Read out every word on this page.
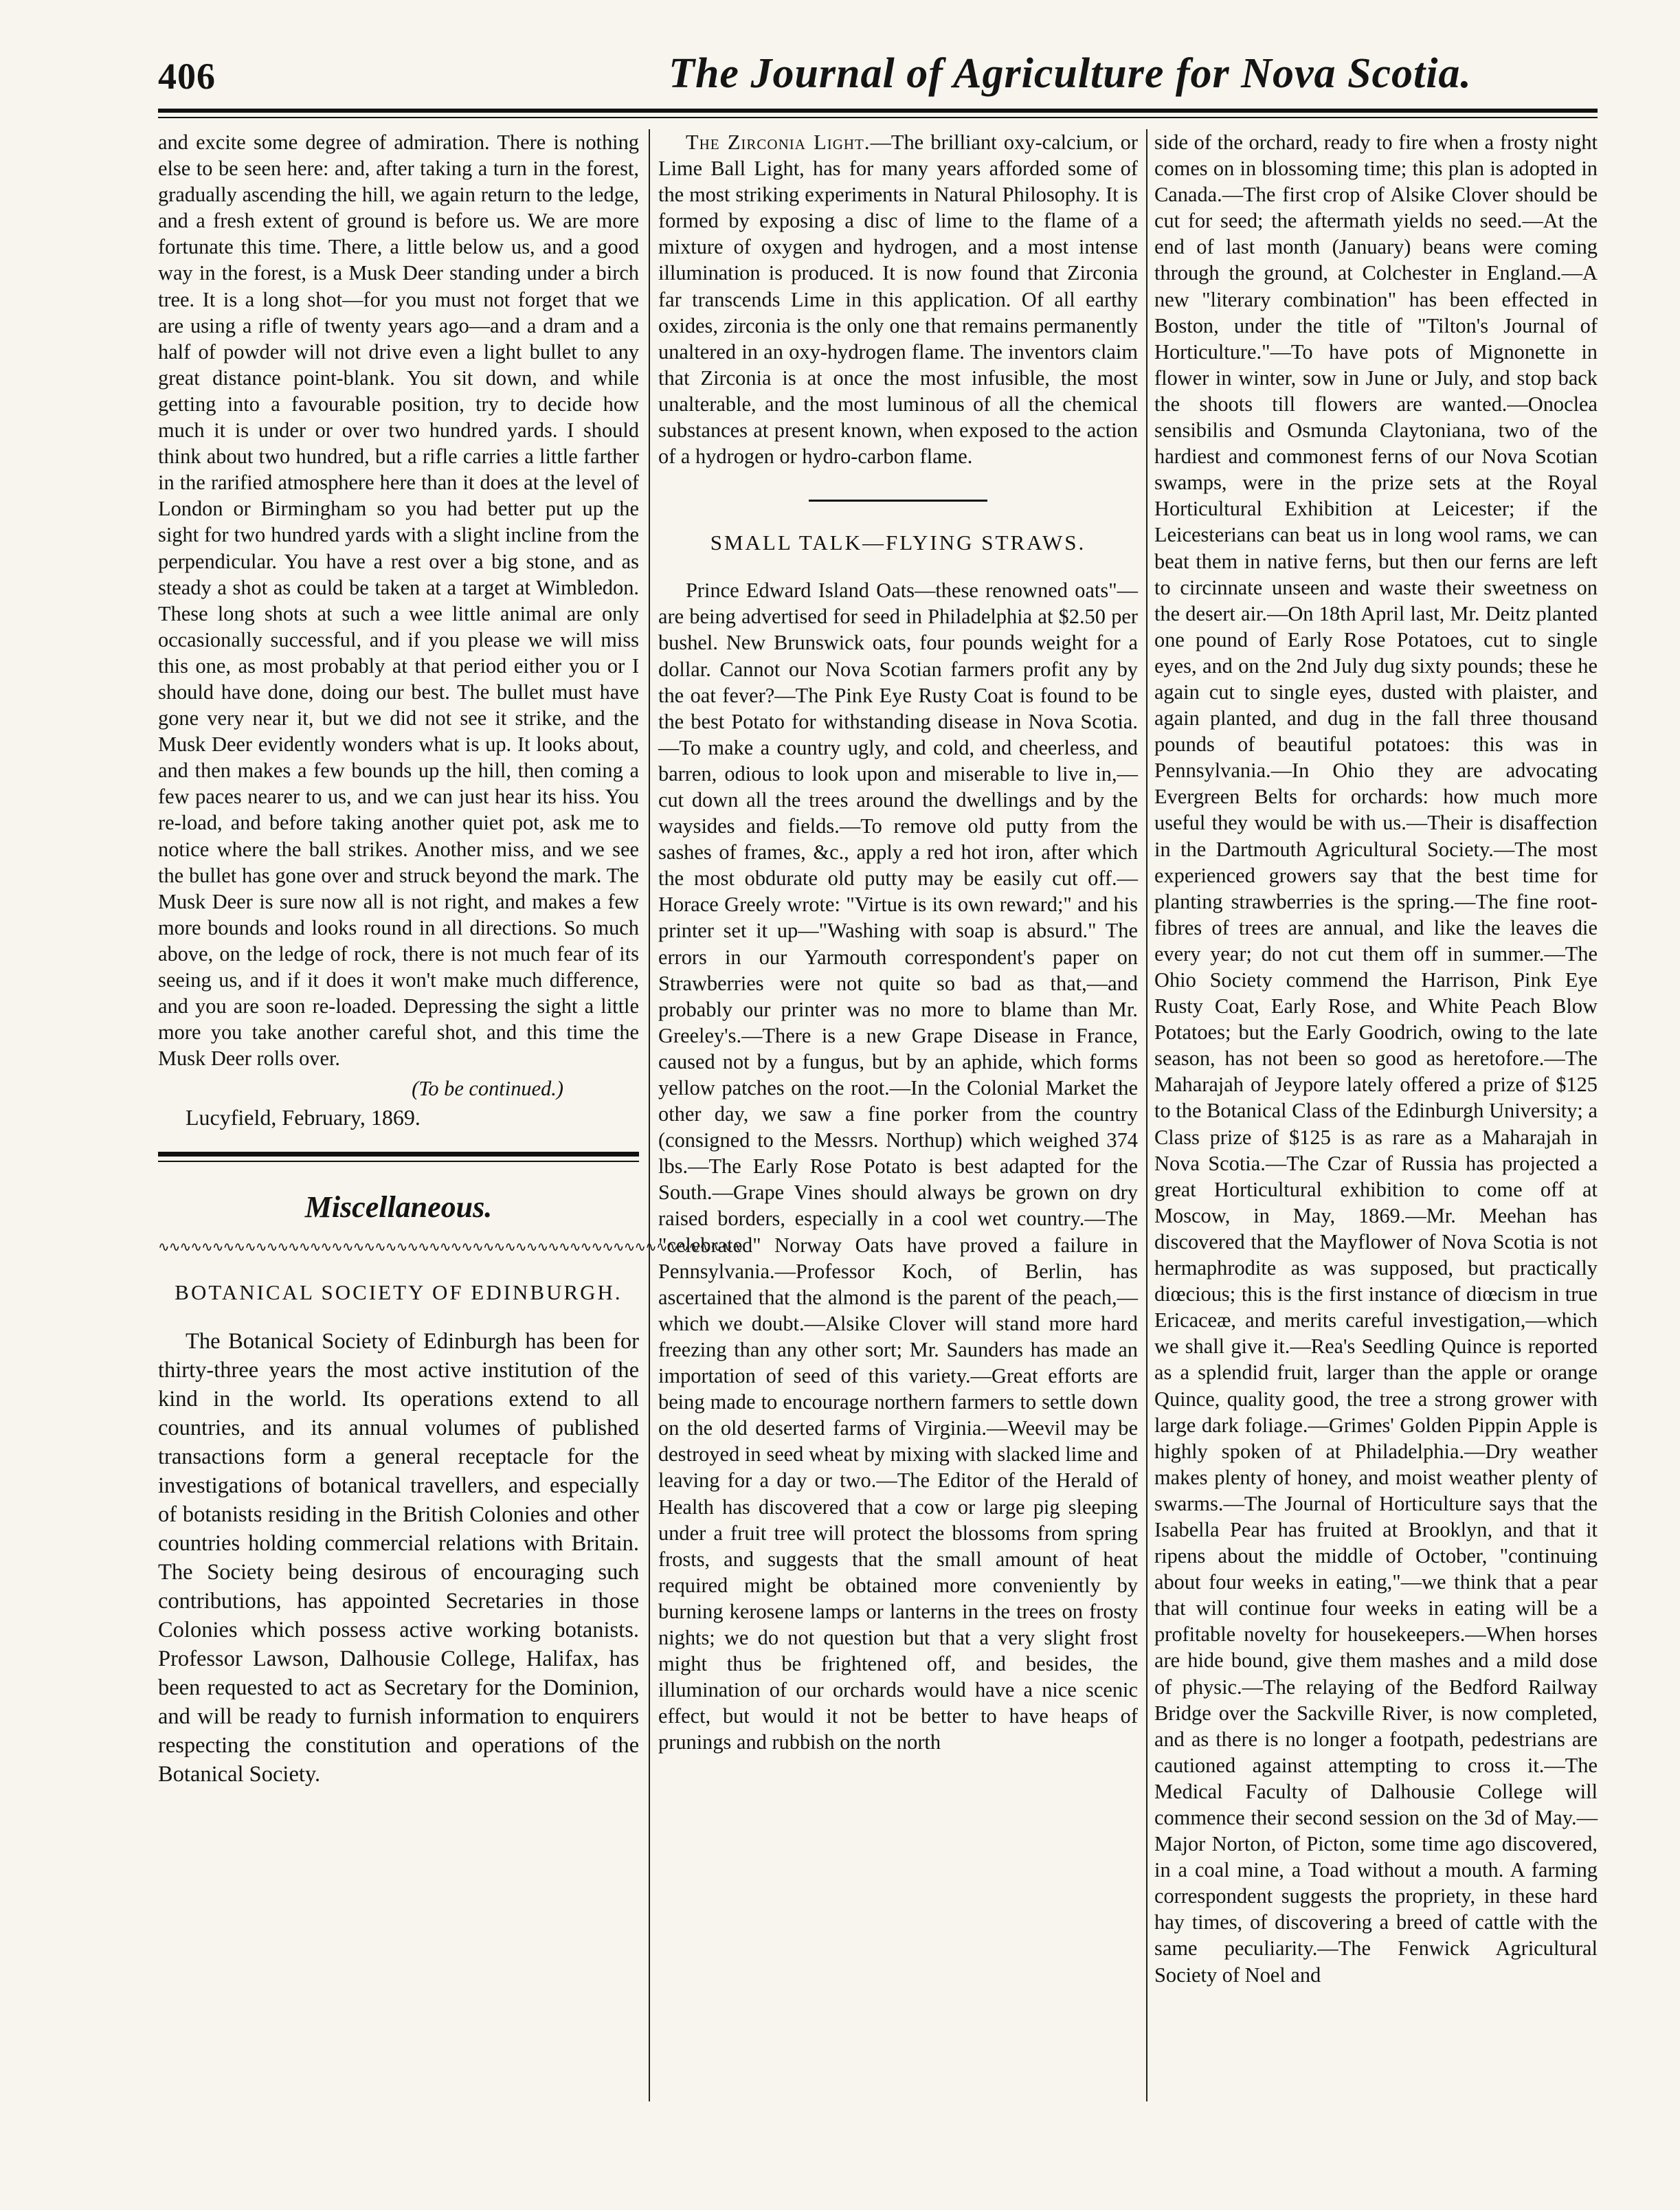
406	The Journal of Agriculture for Nova Scotia.

and excite some degree of admiration. There is nothing else to be seen here: and, after taking a turn in the forest, gradually ascending the hill, we again return to the ledge, and a fresh extent of ground is before us. We are more fortunate this time. There, a little below us, and a good way in the forest, is a Musk Deer standing under a birch tree. It is a long shot—for you must not forget that we are using a rifle of twenty years ago—and a dram and a half of powder will not drive even a light bullet to any great distance point-blank. You sit down, and while getting into a favourable position, try to decide how much it is under or over two hundred yards. I should think about two hundred, but a rifle carries a little farther in the rarified atmosphere here than it does at the level of London or Birmingham so you had better put up the sight for two hundred yards with a slight incline from the perpendicular. You have a rest over a big stone, and as steady a shot as could be taken at a target at Wimbledon. These long shots at such a wee little animal are only occasionally successful, and if you please we will miss this one, as most probably at that period either you or I should have done, doing our best. The bullet must have gone very near it, but we did not see it strike, and the Musk Deer evidently wonders what is up. It looks about, and then makes a few bounds up the hill, then coming a few paces nearer to us, and we can just hear its hiss. You re-load, and before taking another quiet pot, ask me to notice where the ball strikes. Another miss, and we see the bullet has gone over and struck beyond the mark. The Musk Deer is sure now all is not right, and makes a few more bounds and looks round in all directions. So much above, on the ledge of rock, there is not much fear of its seeing us, and if it does it won't make much difference, and you are soon re-loaded. Depressing the sight a little more you take another careful shot, and this time the Musk Deer rolls over.

(To be continued.)

Lucyfield, February, 1869.

Miscellaneous.

∿∿∿∿∿∿∿∿∿∿∿∿∿∿∿∿∿∿∿∿∿∿∿∿∿∿∿∿∿∿∿∿∿∿∿∿∿∿∿∿∿∿∿∿∿∿∿∿∿∿∿∿∿∿

BOTANICAL SOCIETY OF EDINBURGH.

The Botanical Society of Edinburgh has been for thirty-three years the most active institution of the kind in the world. Its operations extend to all countries, and its annual volumes of published transactions form a general receptacle for the investigations of botanical travellers, and especially of botanists residing in the British Colonies and other countries holding commercial relations with Britain. The Society being desirous of encouraging such contributions, has appointed Secretaries in those Colonies which possess active working botanists. Professor Lawson, Dalhousie College, Halifax, has been requested to act as Secretary for the Dominion, and will be ready to furnish information to enquirers respecting the constitution and operations of the Botanical Society.

The Zirconia Light.—The brilliant oxy-calcium, or Lime Ball Light, has for many years afforded some of the most striking experiments in Natural Philosophy. It is formed by exposing a disc of lime to the flame of a mixture of oxygen and hydrogen, and a most intense illumination is produced. It is now found that Zirconia far transcends Lime in this application. Of all earthy oxides, zirconia is the only one that remains permanently unaltered in an oxy-hydrogen flame. The inventors claim that Zirconia is at once the most infusible, the most unalterable, and the most luminous of all the chemical substances at present known, when exposed to the action of a hydrogen or hydro-carbon flame.

SMALL TALK—FLYING STRAWS.

Prince Edward Island Oats—these renowned oats"—are being advertised for seed in Philadelphia at $2.50 per bushel. New Brunswick oats, four pounds weight for a dollar. Cannot our Nova Scotian farmers profit any by the oat fever?—The Pink Eye Rusty Coat is found to be the best Potato for withstanding disease in Nova Scotia.—To make a country ugly, and cold, and cheerless, and barren, odious to look upon and miserable to live in,—cut down all the trees around the dwellings and by the waysides and fields.—To remove old putty from the sashes of frames, &c., apply a red hot iron, after which the most obdurate old putty may be easily cut off.—Horace Greely wrote: "Virtue is its own reward;" and his printer set it up—"Washing with soap is absurd." The errors in our Yarmouth correspondent's paper on Strawberries were not quite so bad as that,—and probably our printer was no more to blame than Mr. Greeley's.—There is a new Grape Disease in France, caused not by a fungus, but by an aphide, which forms yellow patches on the root.—In the Colonial Market the other day, we saw a fine porker from the country (consigned to the Messrs. Northup) which weighed 374 lbs.—The Early Rose Potato is best adapted for the South.—Grape Vines should always be grown on dry raised borders, especially in a cool wet country.—The "celebrated" Norway Oats have proved a failure in Pennsylvania.—Professor Koch, of Berlin, has ascertained that the almond is the parent of the peach,—which we doubt.—Alsike Clover will stand more hard freezing than any other sort; Mr. Saunders has made an importation of seed of this variety.—Great efforts are being made to encourage northern farmers to settle down on the old deserted farms of Virginia.—Weevil may be destroyed in seed wheat by mixing with slacked lime and leaving for a day or two.—The Editor of the Herald of Health has discovered that a cow or large pig sleeping under a fruit tree will protect the blossoms from spring frosts, and suggests that the small amount of heat required might be obtained more conveniently by burning kerosene lamps or lanterns in the trees on frosty nights; we do not question but that a very slight frost might thus be frightened off, and besides, the illumination of our orchards would have a nice scenic effect, but would it not be better to have heaps of prunings and rubbish on the north

side of the orchard, ready to fire when a frosty night comes on in blossoming time; this plan is adopted in Canada.—The first crop of Alsike Clover should be cut for seed; the aftermath yields no seed.—At the end of last month (January) beans were coming through the ground, at Colchester in England.—A new "literary combination" has been effected in Boston, under the title of "Tilton's Journal of Horticulture."—To have pots of Mignonette in flower in winter, sow in June or July, and stop back the shoots till flowers are wanted.—Onoclea sensibilis and Osmunda Claytoniana, two of the hardiest and commonest ferns of our Nova Scotian swamps, were in the prize sets at the Royal Horticultural Exhibition at Leicester; if the Leicesterians can beat us in long wool rams, we can beat them in native ferns, but then our ferns are left to circinnate unseen and waste their sweetness on the desert air.—On 18th April last, Mr. Deitz planted one pound of Early Rose Potatoes, cut to single eyes, and on the 2nd July dug sixty pounds; these he again cut to single eyes, dusted with plaister, and again planted, and dug in the fall three thousand pounds of beautiful potatoes: this was in Pennsylvania.—In Ohio they are advocating Evergreen Belts for orchards: how much more useful they would be with us.—Their is disaffection in the Dartmouth Agricultural Society.—The most experienced growers say that the best time for planting strawberries is the spring.—The fine root-fibres of trees are annual, and like the leaves die every year; do not cut them off in summer.—The Ohio Society commend the Harrison, Pink Eye Rusty Coat, Early Rose, and White Peach Blow Potatoes; but the Early Goodrich, owing to the late season, has not been so good as heretofore.—The Maharajah of Jeypore lately offered a prize of $125 to the Botanical Class of the Edinburgh University; a Class prize of $125 is as rare as a Maharajah in Nova Scotia.—The Czar of Russia has projected a great Horticultural exhibition to come off at Moscow, in May, 1869.—Mr. Meehan has discovered that the Mayflower of Nova Scotia is not hermaphrodite as was supposed, but practically diœcious; this is the first instance of diœcism in true Ericaceæ, and merits careful investigation,—which we shall give it.—Rea's Seedling Quince is reported as a splendid fruit, larger than the apple or orange Quince, quality good, the tree a strong grower with large dark foliage.—Grimes' Golden Pippin Apple is highly spoken of at Philadelphia.—Dry weather makes plenty of honey, and moist weather plenty of swarms.—The Journal of Horticulture says that the Isabella Pear has fruited at Brooklyn, and that it ripens about the middle of October, "continuing about four weeks in eating,"—we think that a pear that will continue four weeks in eating will be a profitable novelty for housekeepers.—When horses are hide bound, give them mashes and a mild dose of physic.—The relaying of the Bedford Railway Bridge over the Sackville River, is now completed, and as there is no longer a footpath, pedestrians are cautioned against attempting to cross it.—The Medical Faculty of Dalhousie College will commence their second session on the 3d of May.—Major Norton, of Picton, some time ago discovered, in a coal mine, a Toad without a mouth. A farming correspondent suggests the propriety, in these hard hay times, of discovering a breed of cattle with the same peculiarity.—The Fenwick Agricultural Society of Noel and
